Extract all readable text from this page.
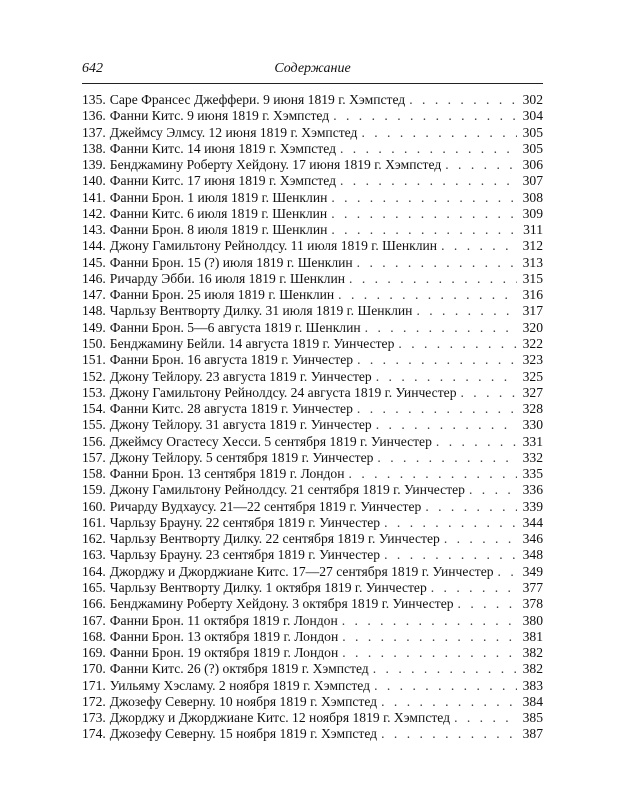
642	Содержание
135. Саре Франсес Джеффери. 9 июня 1819 г. Хэмпстед . . .	302
136. Фанни Китс. 9 июня 1819 г. Хэмпстед . . .	304
137. Джеймсу Элмсу. 12 июня 1819 г. Хэмпстед . . .	305
138. Фанни Китс. 14 июня 1819 г. Хэмпстед . . .	305
139. Бенджамину Роберту Хейдону. 17 июня 1819 г. Хэмпстед . . .	306
140. Фанни Китс. 17 июня 1819 г. Хэмпстед . . .	307
141. Фанни Брон. 1 июля 1819 г. Шенклин . . .	308
142. Фанни Китс. 6 июля 1819 г. Шенклин . . .	309
143. Фанни Брон. 8 июля 1819 г. Шенклин . . .	311
144. Джону Гамильтону Рейнолдсу. 11 июля 1819 г. Шенклин . . .	312
145. Фанни Брон. 15 (?) июля 1819 г. Шенклин . . .	313
146. Ричарду Эбби. 16 июля 1819 г. Шенклин . . .	315
147. Фанни Брон. 25 июля 1819 г. Шенклин . . .	316
148. Чарльзу Вентворту Дилку. 31 июля 1819 г. Шенклин . . .	317
149. Фанни Брон. 5—6 августа 1819 г. Шенклин . . .	320
150. Бенджамину Бейли. 14 августа 1819 г. Уинчестер . . .	322
151. Фанни Брон. 16 августа 1819 г. Уинчестер . . .	323
152. Джону Тейлору. 23 августа 1819 г. Уинчестер . . .	325
153. Джону Гамильтону Рейнолдсу. 24 августа 1819 г. Уинчестер . . .	327
154. Фанни Китс. 28 августа 1819 г. Уинчестер . . .	328
155. Джону Тейлору. 31 августа 1819 г. Уинчестер . . .	330
156. Джеймсу Огастесу Хесси. 5 сентября 1819 г. Уинчестер . . .	331
157. Джону Тейлору. 5 сентября 1819 г. Уинчестер . . .	332
158. Фанни Брон. 13 сентября 1819 г. Лондон . . .	335
159. Джону Гамильтону Рейнолдсу. 21 сентября 1819 г. Уинчестер . . .	336
160. Ричарду Вудхаусу. 21—22 сентября 1819 г. Уинчестер . . .	339
161. Чарльзу Брауну. 22 сентября 1819 г. Уинчестер . . .	344
162. Чарльзу Вентворту Дилку. 22 сентября 1819 г. Уинчестер . . .	346
163. Чарльзу Брауну. 23 сентября 1819 г. Уинчестер . . .	348
164. Джорджу и Джорджиане Китс. 17—27 сентября 1819 г. Уинчестер . . . 349
165. Чарльзу Вентворту Дилку. 1 октября 1819 г. Уинчестер . . .	377
166. Бенджамину Роберту Хейдону. 3 октября 1819 г. Уинчестер . . .	378
167. Фанни Брон. 11 октября 1819 г. Лондон . . .	380
168. Фанни Брон. 13 октября 1819 г. Лондон . . .	381
169. Фанни Брон. 19 октября 1819 г. Лондон . . .	382
170. Фанни Китс. 26 (?) октября 1819 г. Хэмпстед . . .	382
171. Уильяму Хэсламу. 2 ноября 1819 г. Хэмпстед . . .	383
172. Джозефу Северну. 10 ноября 1819 г. Хэмпстед . . .	384
173. Джорджу и Джорджиане Китс. 12 ноября 1819 г. Хэмпстед . . .	385
174. Джозефу Северну. 15 ноября 1819 г. Хэмпстед . . .	387
